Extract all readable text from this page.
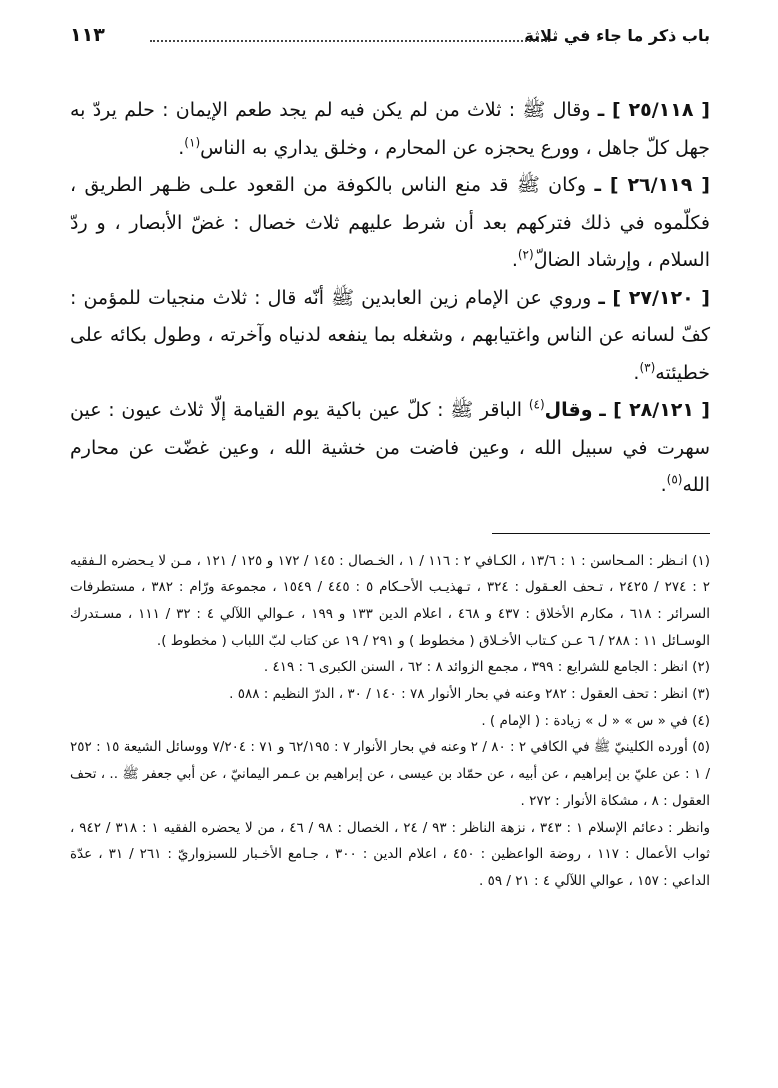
باب ذكر ما جاء في ثلاثة
١١٣

[ ٢٥/١١٨ ] ـ وقال ﷺ : ثلاث من لم يكن فيه لم يجد طعم الإيمان : حلم يردّ به جهل كلّ جاهل ، وورع يحجزه عن المحارم ، وخلق يداري به الناس$^{(١)}$.

[ ٢٦/١١٩ ] ـ وكان ﷺ قد منع الناس بالكوفة من القعود علـى ظـهر الطريق ، فكلّموه في ذلك فتركهم بعد أن شرط عليهم ثلاث خصال : غضّ الأبصار ، و ردّ السلام ، وإرشاد الضالّ$^{(٢)}$.

[ ٢٧/١٢٠ ] ـ وروي عن الإمام زين العابدين ﷺ أنّه قال : ثلاث منجيات للمؤمن : كفّ لسانه عن الناس واغتيابهم ، وشغله بما ينفعه لدنياه وآخرته ، وطول بكائه على خطيئته$^{(٣)}$.

[ ٢٨/١٢١ ] ـ وقال$^{(٤)}$ الباقر ﷺ : كلّ عين باكية يوم القيامة إلّا ثلاث عيون : عين سهرت في سبيل الله ، وعين فاضت من خشية الله ، وعين غضّت عن محارم الله$^{(٥)}$.

(١) انـظر : المـحاسن : ١ : ١٣/٦ ، الكـافي ٢ : ١١٦ / ١ ، الخـصال : ١٤٥ / ١٧٢ و ١٢٥ / ١٢١ ، مـن لا يـحضره الـفقيه ٢ : ٢٧٤ / ٢٤٢٥ ، تـحف العـقول : ٣٢٤ ، تـهذيـب الأحـكام ٥ : ٤٤٥ / ١٥٤٩ ، مجموعة ورّام : ٣٨٢ ، مستطرفات السرائر : ٦١٨ ، مكارم الأخلاق : ٤٣٧ و ٤٦٨ ، اعلام الدين ١٣٣ و ١٩٩ ، عـوالي اللآلي ٤ : ٣٢ / ١١١ ، مسـتدرك الوسـائل ١١ : ٢٨٨ / ٦ عـن كـتاب الأخـلاق ( مخطوط ) و ٢٩١ / ١٩ عن كتاب لبّ اللباب ( مخطوط ).

(٢) انظر : الجامع للشرايع : ٣٩٩ ، مجمع الزوائد ٨ : ٦٢ ، السنن الكبرى ٦ : ٤١٩ .

(٣) انظر : تحف العقول : ٢٨٢ وعنه في بحار الأنوار ٧٨ : ١٤٠ / ٣٠ ، الدرّ النظيم : ٥٨٨ .

(٤) في « س » « ل » زيادة : ( الإمام ) .

(٥) أورده الكلينيّ ﷺ في الكافي ٢ : ٨٠ / ٢ وعنه في بحار الأنوار ٧ : ٦٢/١٩٥ و ٧١ : ٧/٢٠٤ ووسائل الشيعة ١٥ : ٢٥٢ / ١ : عن عليّ بن إبراهيم ، عن أبيه ، عن حمّاد بن عيسى ، عن إبراهيم بن عـمر اليمانيّ ، عن أبي جعفر ﷺ .. ، تحف العقول : ٨ ، مشكاة الأنوار : ٢٧٢ .

وانظر : دعائم الإسلام ١ : ٣٤٣ ، نزهة الناظر : ٩٣ / ٢٤ ، الخصال : ٩٨ / ٤٦ ، من لا يحضره الفقيه ١ : ٣١٨ / ٩٤٢ ، ثواب الأعمال : ١١٧ ، روضة الواعظين : ٤٥٠ ، اعلام الدين : ٣٠٠ ، جـامع الأخـبار للسبزواريّ : ٢٦١ / ٣١ ، عدّة الداعي : ١٥٧ ، عوالي اللآلي ٤ : ٢١ / ٥٩ .
